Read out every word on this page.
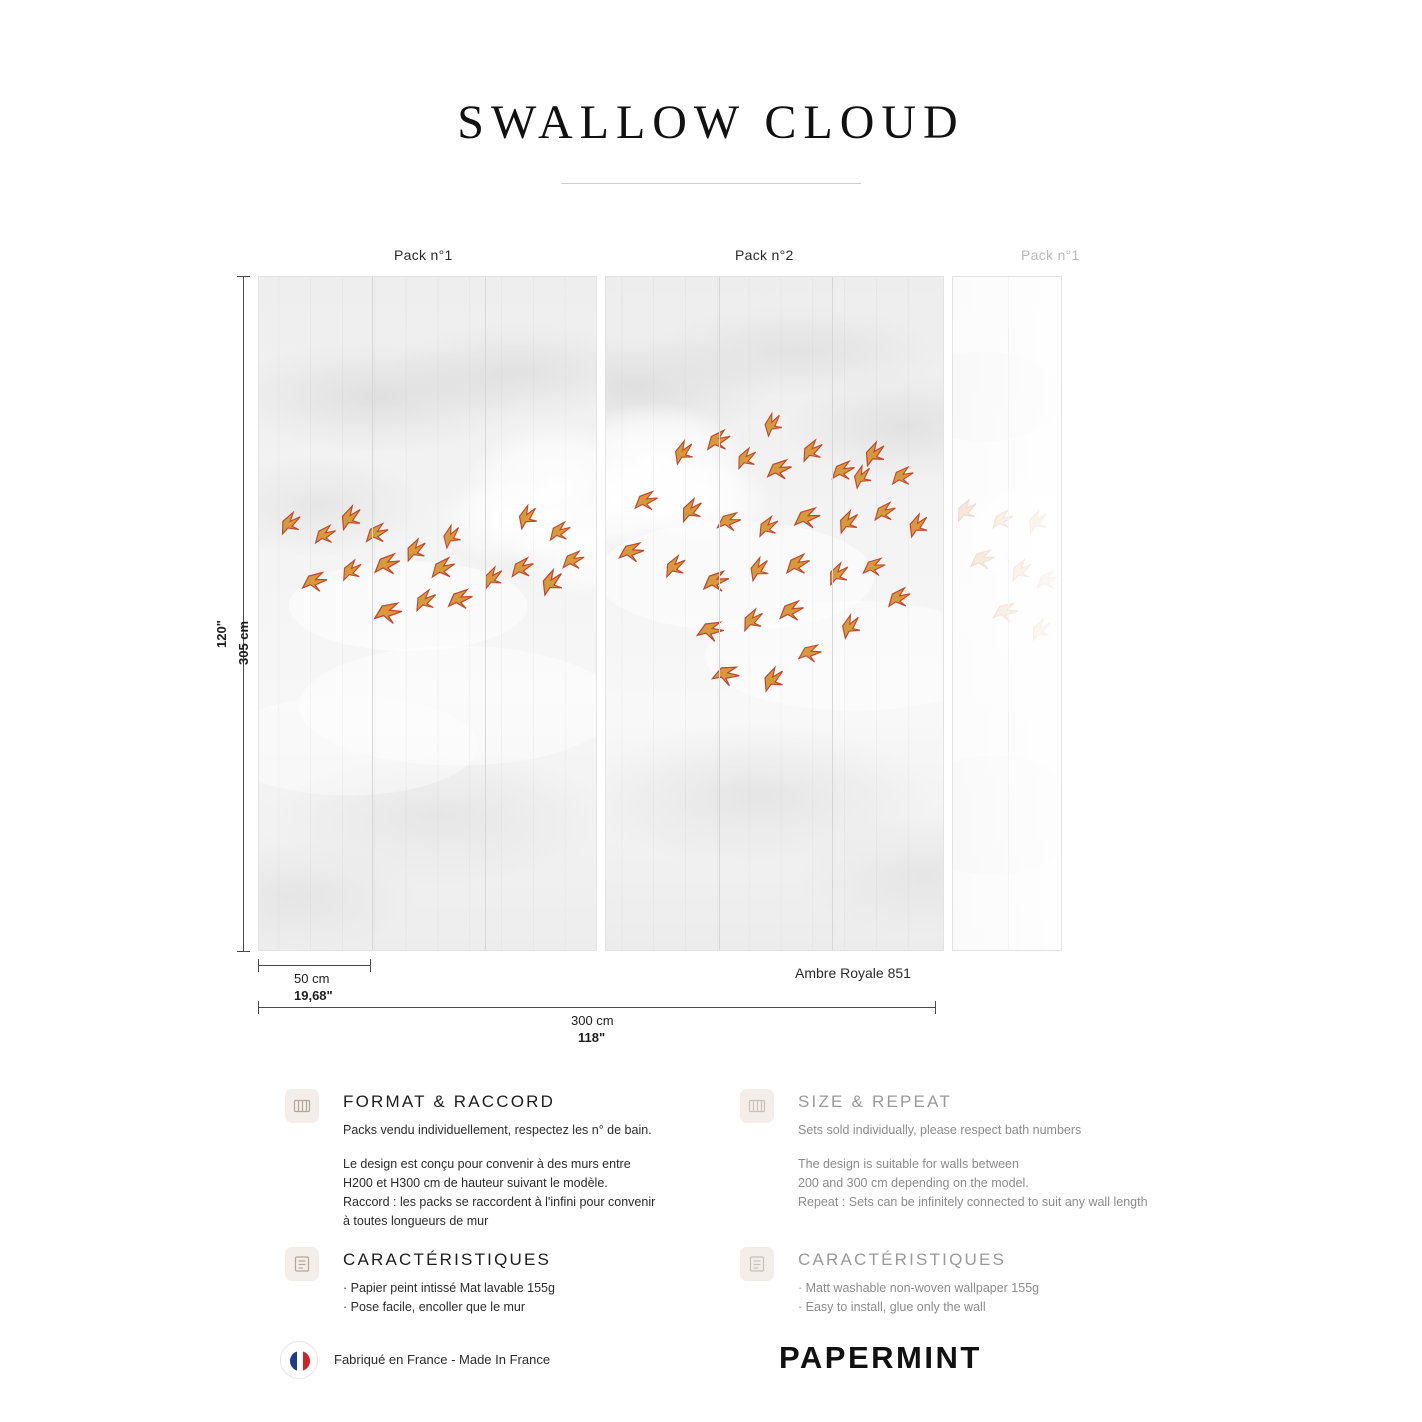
SWALLOW CLOUD
Pack n°1	Pack n°2	Pack n°1
120" 305 cm
50 cm
19,68"
Ambre Royale 851
300 cm
118"
FORMAT & RACCORD

Packs vendu individuellement, respectez les n° de bain.

Le design est conçu pour convenir à des murs entre

H200 et H300 cm de hauteur suivant le modèle.

Raccord : les packs se raccordent à l'infini pour convenir

à toutes longueurs de mur

SIZE & REPEAT

Sets sold individually, please respect bath numbers

The design is suitable for walls between

200 and 300 cm depending on the model.

Repeat : Sets can be infinitely connected to suit any wall length

CARACTÉRISTIQUES

· Papier peint intissé Mat lavable 155g

· Pose facile, encoller que le mur

CARACTÉRISTIQUES

· Matt washable non-woven wallpaper 155g

· Easy to install, glue only the wall

Fabriqué en France - Made In France	PAPERMINT
